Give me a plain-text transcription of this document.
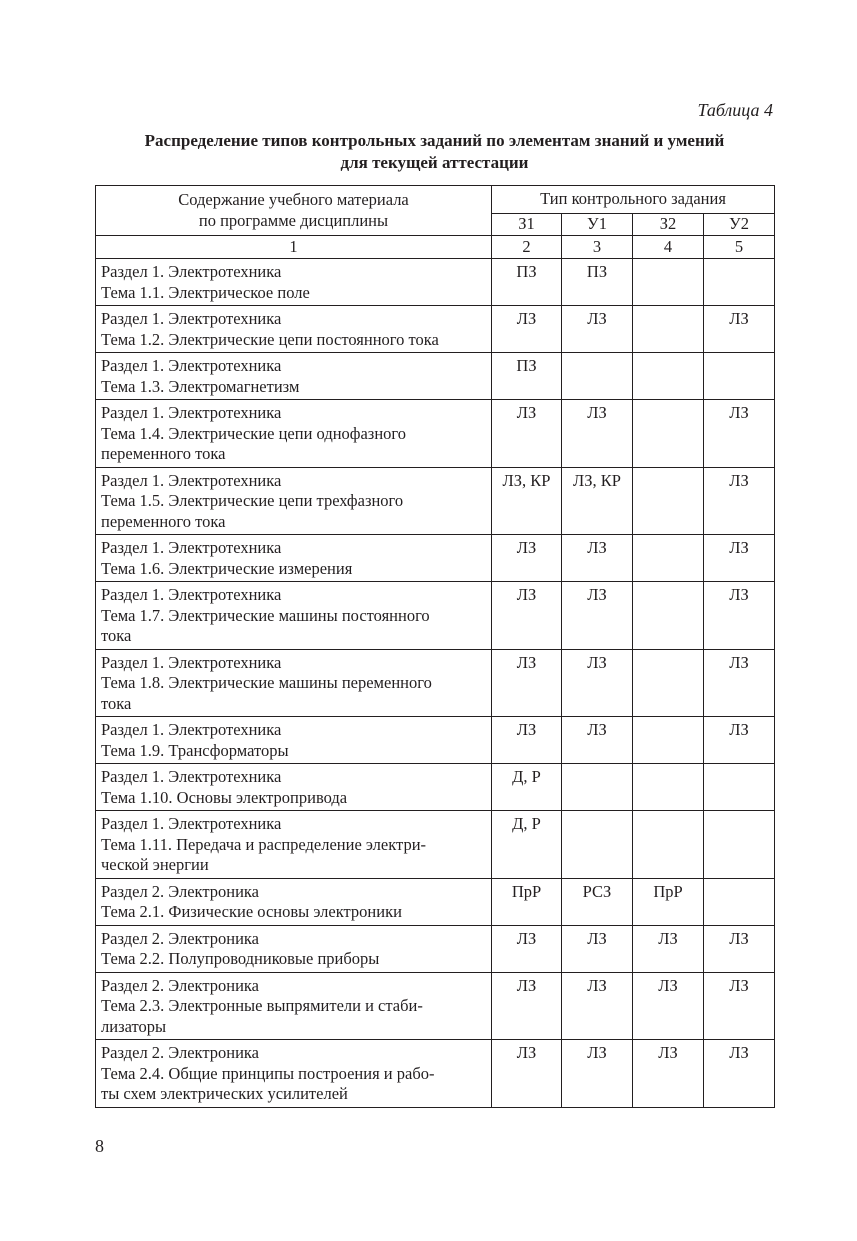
Таблица 4
Распределение типов контрольных заданий по элементам знаний и умений
для текущей аттестации
Содержание учебного материала
по программе дисциплины	Тип контрольного задания			
	З1	У1	З2	У2
1	2	3	4	5

Раздел 1. Электротехника
Тема 1.1. Электрическое поле	ПЗ	ПЗ		

Раздел 1. Электротехника
Тема 1.2. Электрические цепи постоянного тока	ЛЗ	ЛЗ		ЛЗ

Раздел 1. Электротехника
Тема 1.3. Электромагнетизм	ПЗ			

Раздел 1. Электротехника
Тема 1.4. Электрические цепи однофазного
переменного тока	ЛЗ	ЛЗ		ЛЗ

Раздел 1. Электротехника
Тема 1.5. Электрические цепи трехфазного
переменного тока	ЛЗ, КР	ЛЗ, КР		ЛЗ

Раздел 1. Электротехника
Тема 1.6. Электрические измерения	ЛЗ	ЛЗ		ЛЗ

Раздел 1. Электротехника
Тема 1.7. Электрические машины постоянного
тока	ЛЗ	ЛЗ		ЛЗ

Раздел 1. Электротехника
Тема 1.8. Электрические машины переменного
тока	ЛЗ	ЛЗ		ЛЗ

Раздел 1. Электротехника
Тема 1.9. Трансформаторы	ЛЗ	ЛЗ		ЛЗ

Раздел 1. Электротехника
Тема 1.10. Основы электропривода	Д, Р			

Раздел 1. Электротехника
Тема 1.11. Передача и распределение электри-
ческой энергии	Д, Р			

Раздел 2. Электроника
Тема 2.1. Физические основы электроники	ПрР	РСЗ	ПрР	

Раздел 2. Электроника
Тема 2.2. Полупроводниковые приборы	ЛЗ	ЛЗ	ЛЗ	ЛЗ

Раздел 2. Электроника
Тема 2.3. Электронные выпрямители и стаби-
лизаторы	ЛЗ	ЛЗ	ЛЗ	ЛЗ

Раздел 2. Электроника
Тема 2.4. Общие принципы построения и рабо-
ты схем электрических усилителей	ЛЗ	ЛЗ	ЛЗ	ЛЗ
8
